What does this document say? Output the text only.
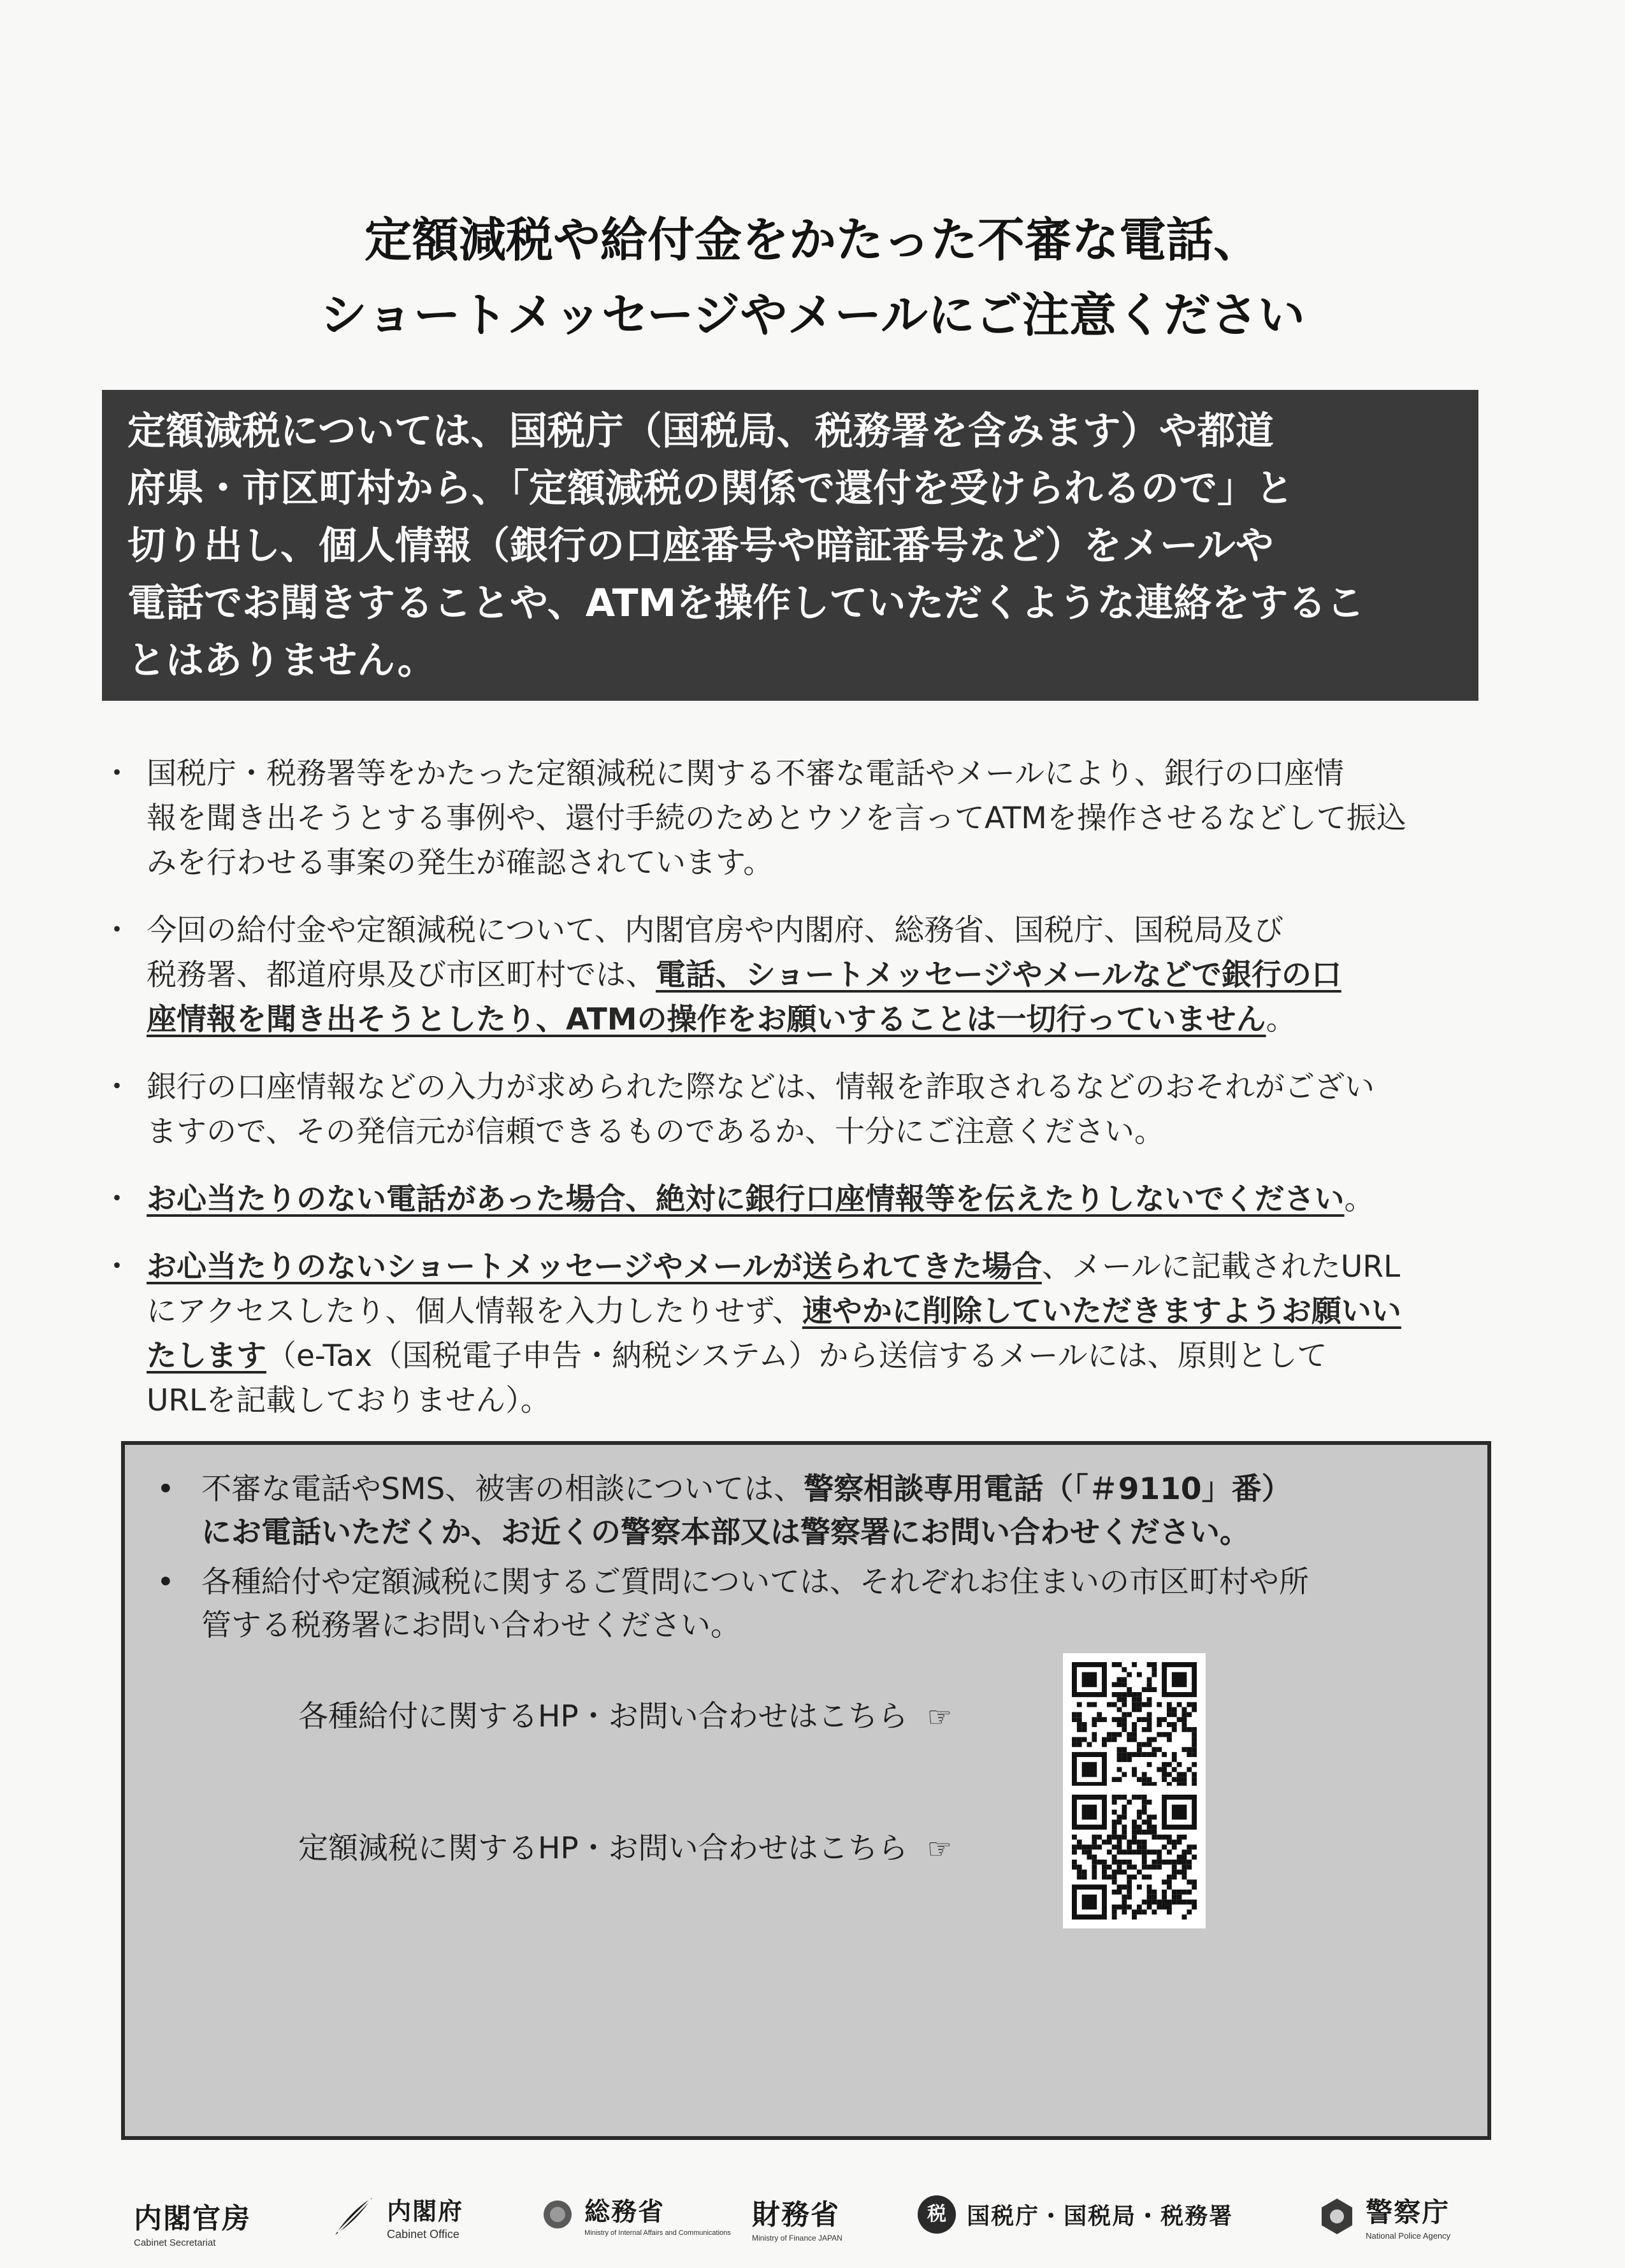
定額減税や給付金をかたった不審な電話、
ショートメッセージやメールにご注意ください
定額減税については、国税庁（国税局、税務署を含みます）や都道
府県・市区町村から、「定額減税の関係で還付を受けられるので」と
切り出し、個人情報（銀行の口座番号や暗証番号など）をメールや
電話でお聞きすることや、ATMを操作していただくような連絡をするこ
とはありません。
・ 国税庁・税務署等をかたった定額減税に関する不審な電話やメールにより、銀行の口座情
報を聞き出そうとする事例や、還付手続のためとウソを言ってATMを操作させるなどして振込
みを行わせる事案の発生が確認されています。
・ 今回の給付金や定額減税について、内閣官房や内閣府、総務省、国税庁、国税局及び
税務署、都道府県及び市区町村では、電話、ショートメッセージやメールなどで銀行の口
座情報を聞き出そうとしたり、ATMの操作をお願いすることは一切行っていません。
・ 銀行の口座情報などの入力が求められた際などは、情報を詐取されるなどのおそれがござい
ますので、その発信元が信頼できるものであるか、十分にご注意ください。
・ お心当たりのない電話があった場合、絶対に銀行口座情報等を伝えたりしないでください。
・ お心当たりのないショートメッセージやメールが送られてきた場合、メールに記載されたURL
にアクセスしたり、個人情報を入力したりせず、速やかに削除していただきますようお願いい
たします（e-Tax（国税電子申告・納税システム）から送信するメールには、原則として
URLを記載しておりません）。
• 不審な電話やSMS、被害の相談については、警察相談専用電話（「＃9110」番）
にお電話いただくか、お近くの警察本部又は警察署にお問い合わせください。
• 各種給付や定額減税に関するご質問については、それぞれお住まいの市区町村や所
管する税務署にお問い合わせください。
各種給付に関するHP・お問い合わせはこちら ☞
定額減税に関するHP・お問い合わせはこちら ☞
内閣官房
Cabinet Secretariat
内閣府
Cabinet Office
総務省
Ministry of Internal Affairs and Communications
財務省
Ministry of Finance JAPAN
税 国税庁・国税局・税務署	警察庁
National Police Agency
